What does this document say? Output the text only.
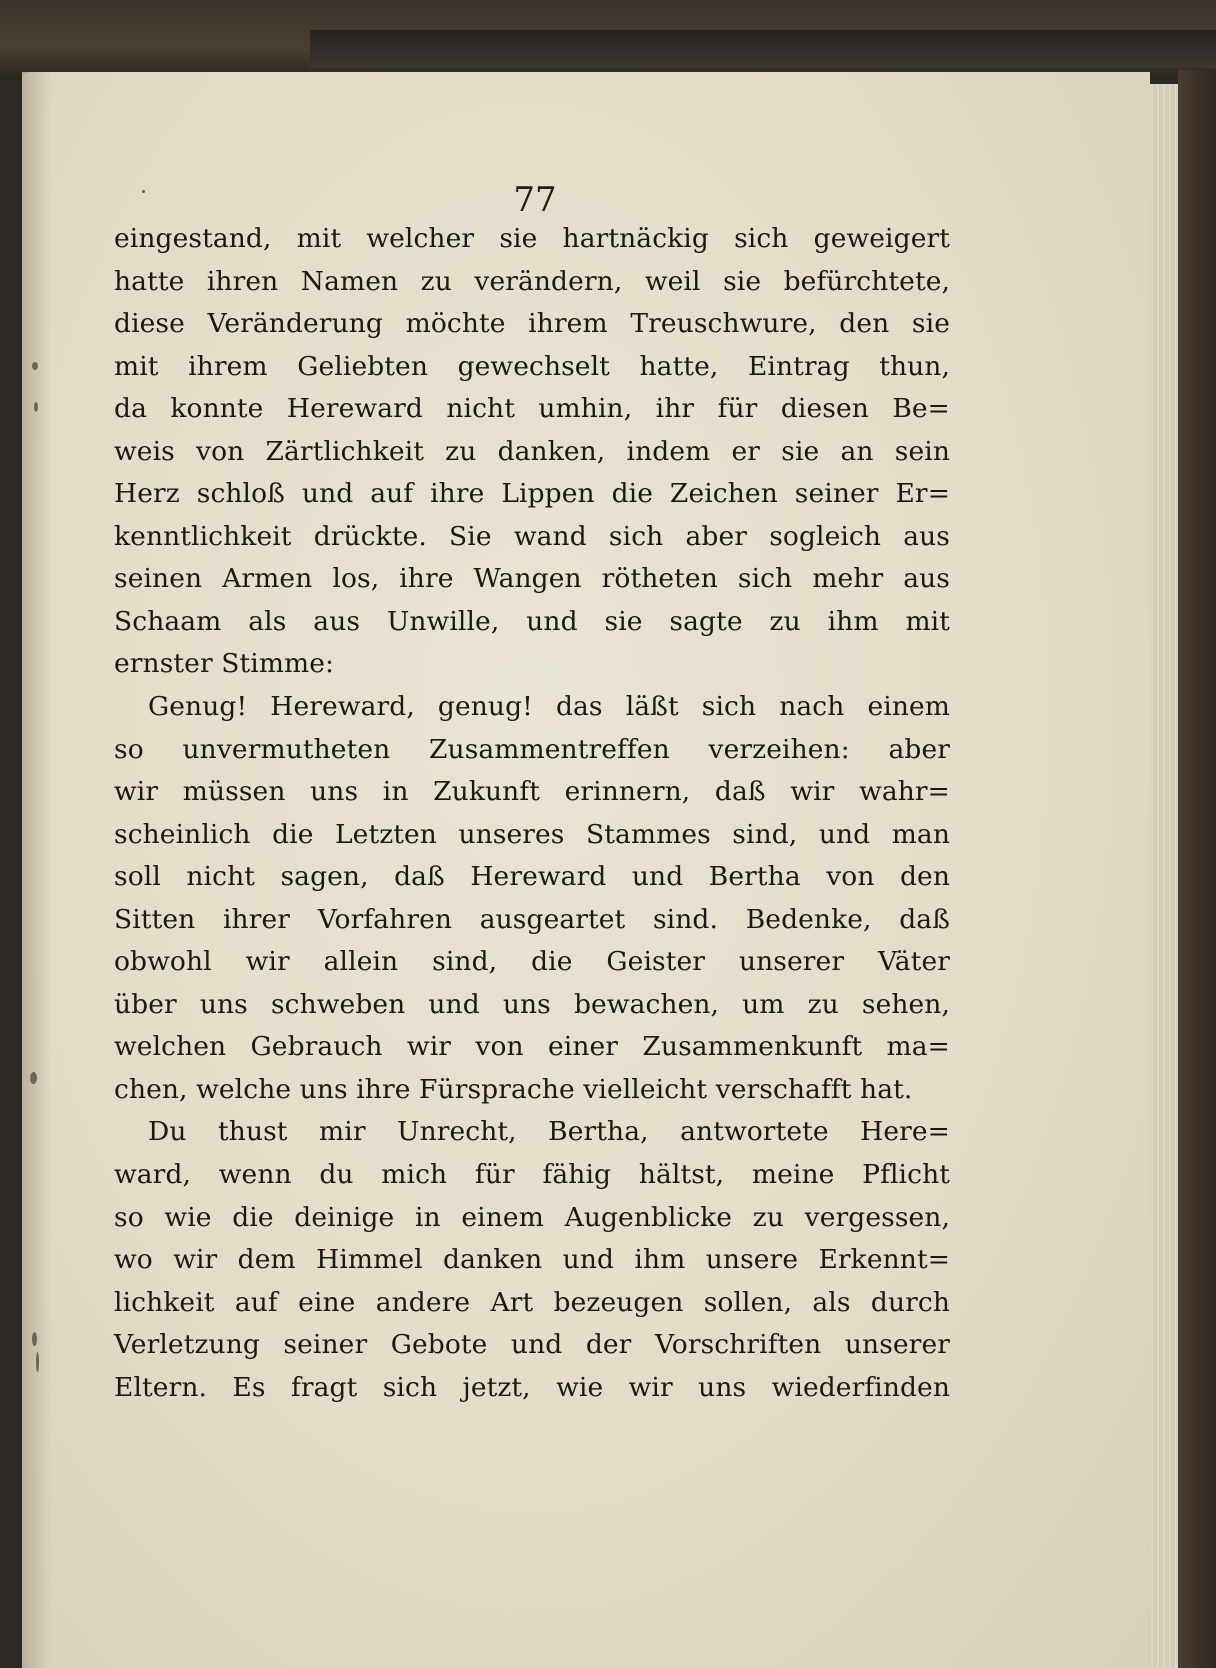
77
eingestand, mit welcher sie hartnäckig sich geweigert
hatte ihren Namen zu verändern, weil sie befürchtete,
diese Veränderung möchte ihrem Treuschwure, den sie
mit ihrem Geliebten gewechselt hatte, Eintrag thun,
da konnte Hereward nicht umhin, ihr für diesen Be=
weis von Zärtlichkeit zu danken, indem er sie an sein
Herz schloß und auf ihre Lippen die Zeichen seiner Er=
kenntlichkeit drückte. Sie wand sich aber sogleich aus
seinen Armen los, ihre Wangen rötheten sich mehr aus
Schaam als aus Unwille, und sie sagte zu ihm mit
ernster Stimme:
Genug! Hereward, genug! das läßt sich nach einem
so unvermutheten Zusammentreffen verzeihen: aber
wir müssen uns in Zukunft erinnern, daß wir wahr=
scheinlich die Letzten unseres Stammes sind, und man
soll nicht sagen, daß Hereward und Bertha von den
Sitten ihrer Vorfahren ausgeartet sind. Bedenke, daß
obwohl wir allein sind, die Geister unserer Väter
über uns schweben und uns bewachen, um zu sehen,
welchen Gebrauch wir von einer Zusammenkunft ma=
chen, welche uns ihre Fürsprache vielleicht verschafft hat.
Du thust mir Unrecht, Bertha, antwortete Here=
ward, wenn du mich für fähig hältst, meine Pflicht
so wie die deinige in einem Augenblicke zu vergessen,
wo wir dem Himmel danken und ihm unsere Erkennt=
lichkeit auf eine andere Art bezeugen sollen, als durch
Verletzung seiner Gebote und der Vorschriften unserer
Eltern. Es fragt sich jetzt, wie wir uns wiederfinden
